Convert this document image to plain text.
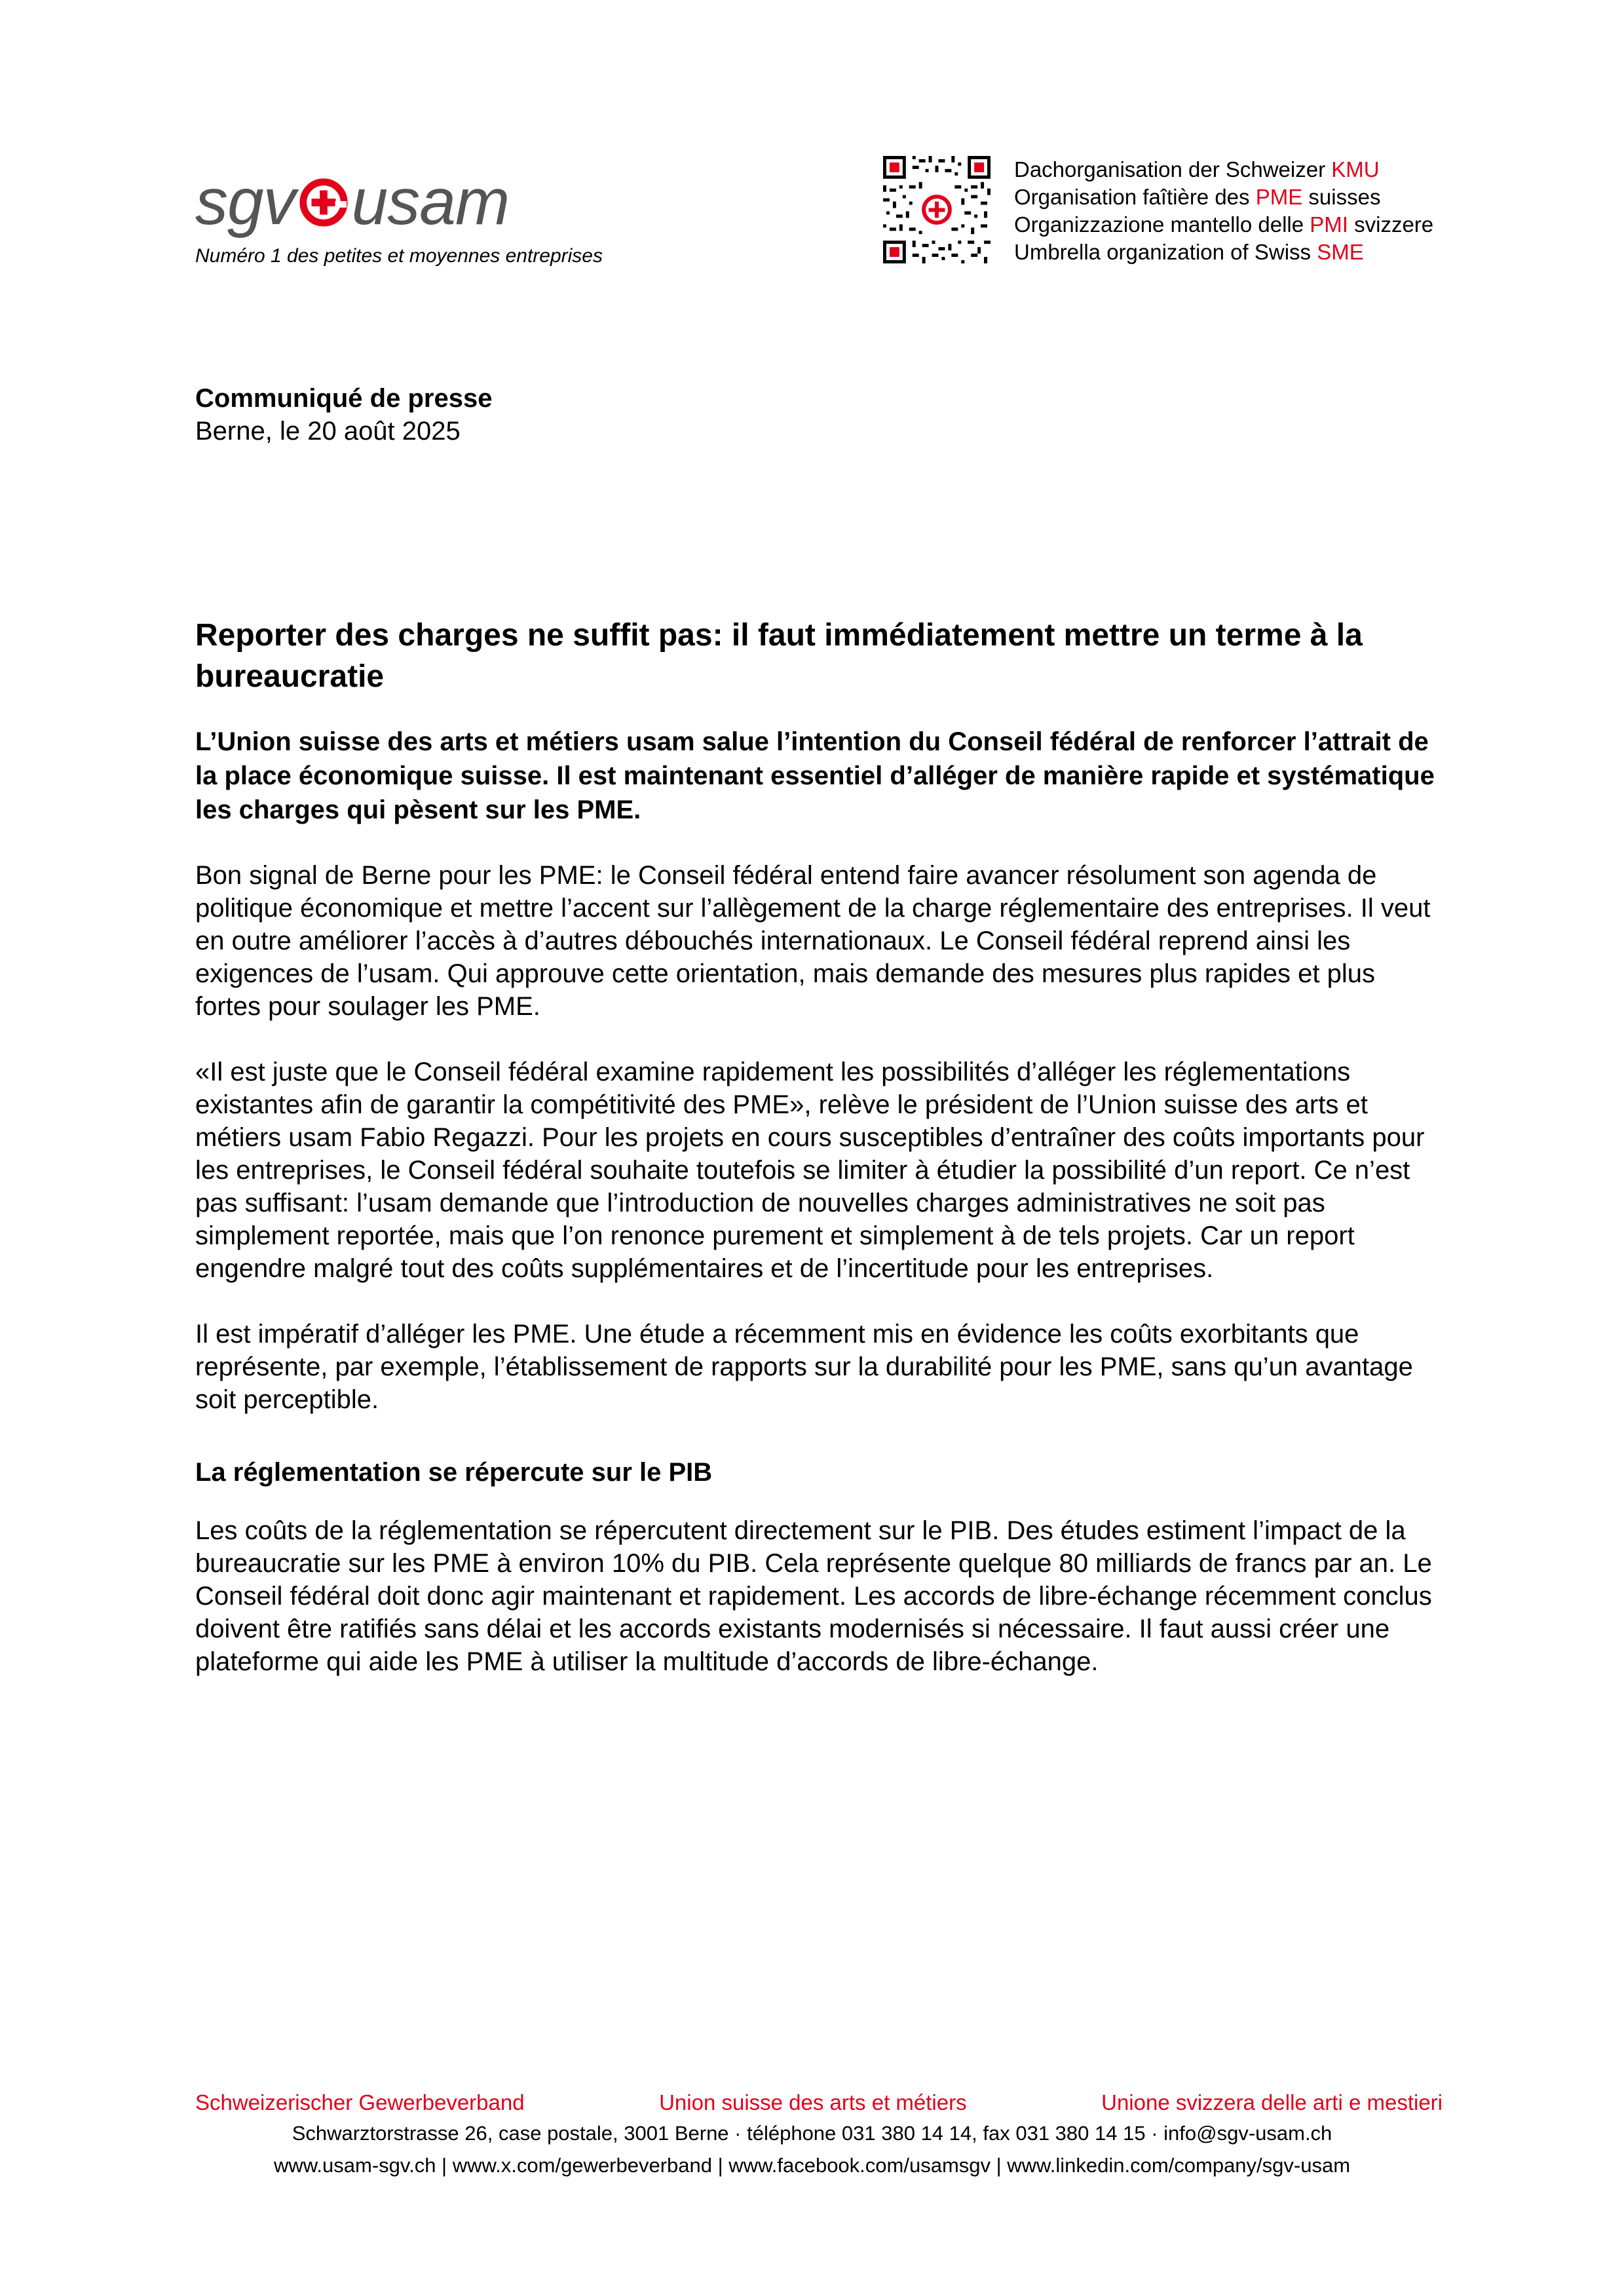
sgv usam
Numéro 1 des petites et moyennes entreprises
Dachorganisation der Schweizer KMU
Organisation faîtière des PME suisses
Organizzazione mantello delle PMI svizzere
Umbrella organization of Swiss SME
Communiqué de presse
Berne, le 20 août 2025
Reporter des charges ne suffit pas: il faut immédiatement mettre un terme à la bureaucratie

L’Union suisse des arts et métiers usam salue l’intention du Conseil fédéral de renforcer l’attrait de la place économique suisse. Il est maintenant essentiel d’alléger de manière rapide et systématique les charges qui pèsent sur les PME.

Bon signal de Berne pour les PME: le Conseil fédéral entend faire avancer résolument son agenda de politique économique et mettre l’accent sur l’allègement de la charge réglementaire des entreprises. Il veut en outre améliorer l’accès à d’autres débouchés internationaux. Le Conseil fédéral reprend ainsi les exigences de l’usam. Qui approuve cette orientation, mais demande des mesures plus rapides et plus fortes pour soulager les PME.

«Il est juste que le Conseil fédéral examine rapidement les possibilités d’alléger les réglementations existantes afin de garantir la compétitivité des PME», relève le président de l’Union suisse des arts et métiers usam Fabio Regazzi. Pour les projets en cours susceptibles d’entraîner des coûts importants pour les entreprises, le Conseil fédéral souhaite toutefois se limiter à étudier la possibilité d’un report. Ce n’est pas suffisant: l’usam demande que l’introduction de nouvelles charges administratives ne soit pas simplement reportée, mais que l’on renonce purement et simplement à de tels projets. Car un report engendre malgré tout des coûts supplémentaires et de l’incertitude pour les entreprises.

Il est impératif d’alléger les PME. Une étude a récemment mis en évidence les coûts exorbitants que représente, par exemple, l’établissement de rapports sur la durabilité pour les PME, sans qu’un avantage soit perceptible.

La réglementation se répercute sur le PIB

Les coûts de la réglementation se répercutent directement sur le PIB. Des études estiment l’impact de la bureaucratie sur les PME à environ 10% du PIB. Cela représente quelque 80 milliards de francs par an. Le Conseil fédéral doit donc agir maintenant et rapidement. Les accords de libre-échange récemment conclus doivent être ratifiés sans délai et les accords existants modernisés si nécessaire. Il faut aussi créer une plateforme qui aide les PME à utiliser la multitude d’accords de libre-échange.

Schweizerischer Gewerbeverband	Union suisse des arts et métiers	Unione svizzera delle arti e mestieri
Schwarztorstrasse 26, case postale, 3001 Berne · téléphone 031 380 14 14, fax 031 380 14 15 · info@sgv-usam.ch
www.usam-sgv.ch | www.x.com/gewerbeverband | www.facebook.com/usamsgv | www.linkedin.com/company/sgv-usam
